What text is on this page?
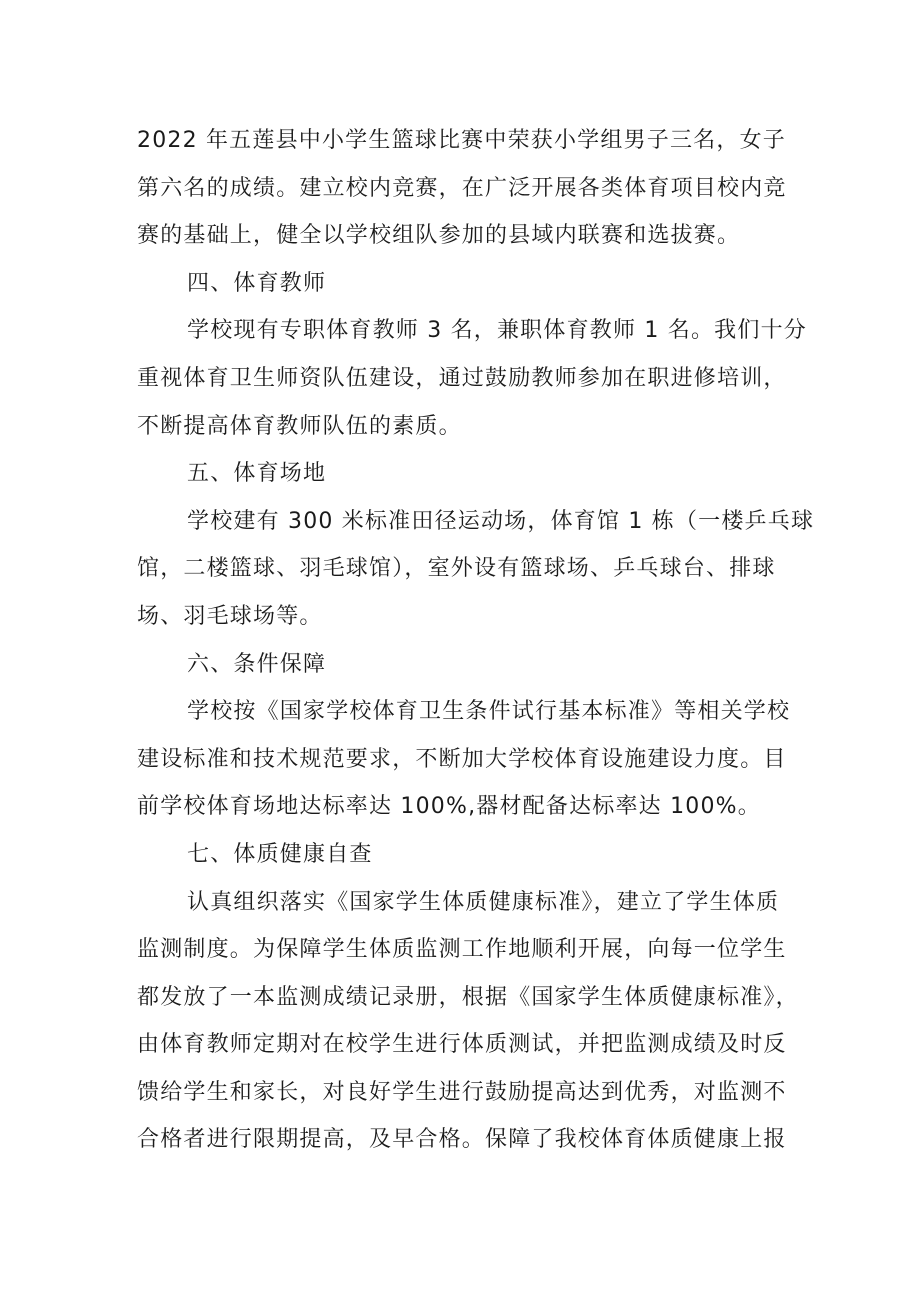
2022 年五莲县中小学生篮球比赛中荣获小学组男子三名，女子
第六名的成绩。建立校内竞赛，在广泛开展各类体育项目校内竞
赛的基础上，健全以学校组队参加的县域内联赛和选拔赛。
四、体育教师
学校现有专职体育教师 3 名，兼职体育教师 1 名。我们十分
重视体育卫生师资队伍建设，通过鼓励教师参加在职进修培训，
不断提高体育教师队伍的素质。
五、体育场地
学校建有 300 米标准田径运动场，体育馆 1 栋（一楼乒乓球
馆，二楼篮球、羽毛球馆），室外设有篮球场、乒乓球台、排球
场、羽毛球场等。
六、条件保障
学校按《国家学校体育卫生条件试行基本标准》等相关学校
建设标准和技术规范要求，不断加大学校体育设施建设力度。目
前学校体育场地达标率达 100%,器材配备达标率达 100%。
七、体质健康自查
认真组织落实《国家学生体质健康标准》，建立了学生体质
监测制度。为保障学生体质监测工作地顺利开展，向每一位学生
都发放了一本监测成绩记录册，根据《国家学生体质健康标准》，
由体育教师定期对在校学生进行体质测试，并把监测成绩及时反
馈给学生和家长，对良好学生进行鼓励提高达到优秀，对监测不
合格者进行限期提高，及早合格。保障了我校体育体质健康上报
